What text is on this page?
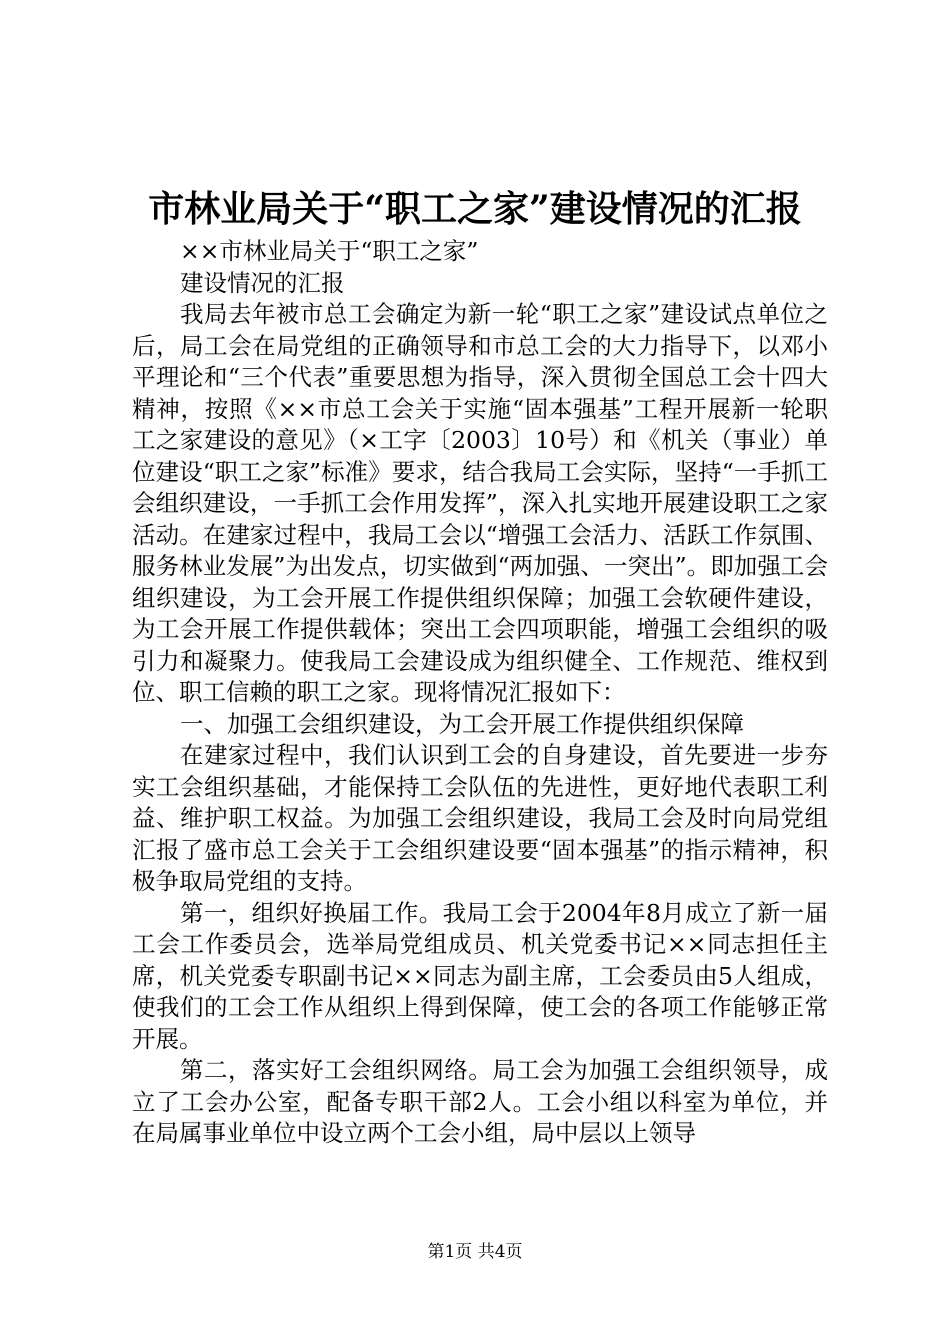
市林业局关于“职工之家”建设情况的汇报

××市林业局关于“职工之家”

建设情况的汇报

我局去年被市总工会确定为新一轮“职工之家”建设试点单位之后，局工会在局党组的正确领导和市总工会的大力指导下，以邓小平理论和“三个代表”重要思想为指导，深入贯彻全国总工会十四大精神，按照《××市总工会关于实施“固本强基”工程开展新一轮职工之家建设的意见》（×工字〔2003〕10号）和《机关（事业）单位建设“职工之家”标准》要求，结合我局工会实际，坚持“一手抓工会组织建设，一手抓工会作用发挥”，深入扎实地开展建设职工之家活动。在建家过程中，我局工会以“增强工会活力、活跃工作氛围、服务林业发展”为出发点，切实做到“两加强、一突出”。即加强工会组织建设，为工会开展工作提供组织保障；加强工会软硬件建设，为工会开展工作提供载体；突出工会四项职能，增强工会组织的吸引力和凝聚力。使我局工会建设成为组织健全、工作规范、维权到位、职工信赖的职工之家。现将情况汇报如下：

一、加强工会组织建设，为工会开展工作提供组织保障

在建家过程中，我们认识到工会的自身建设，首先要进一步夯实工会组织基础，才能保持工会队伍的先进性，更好地代表职工利益、维护职工权益。为加强工会组织建设，我局工会及时向局党组汇报了盛市总工会关于工会组织建设要“固本强基”的指示精神，积极争取局党组的支持。

第一，组织好换届工作。我局工会于2004年8月成立了新一届工会工作委员会，选举局党组成员、机关党委书记××同志担任主席，机关党委专职副书记××同志为副主席，工会委员由5人组成，使我们的工会工作从组织上得到保障，使工会的各项工作能够正常开展。

第二，落实好工会组织网络。局工会为加强工会组织领导，成立了工会办公室，配备专职干部2人。工会小组以科室为单位，并在局属事业单位中设立两个工会小组，局中层以上领导

第1页 共4页
